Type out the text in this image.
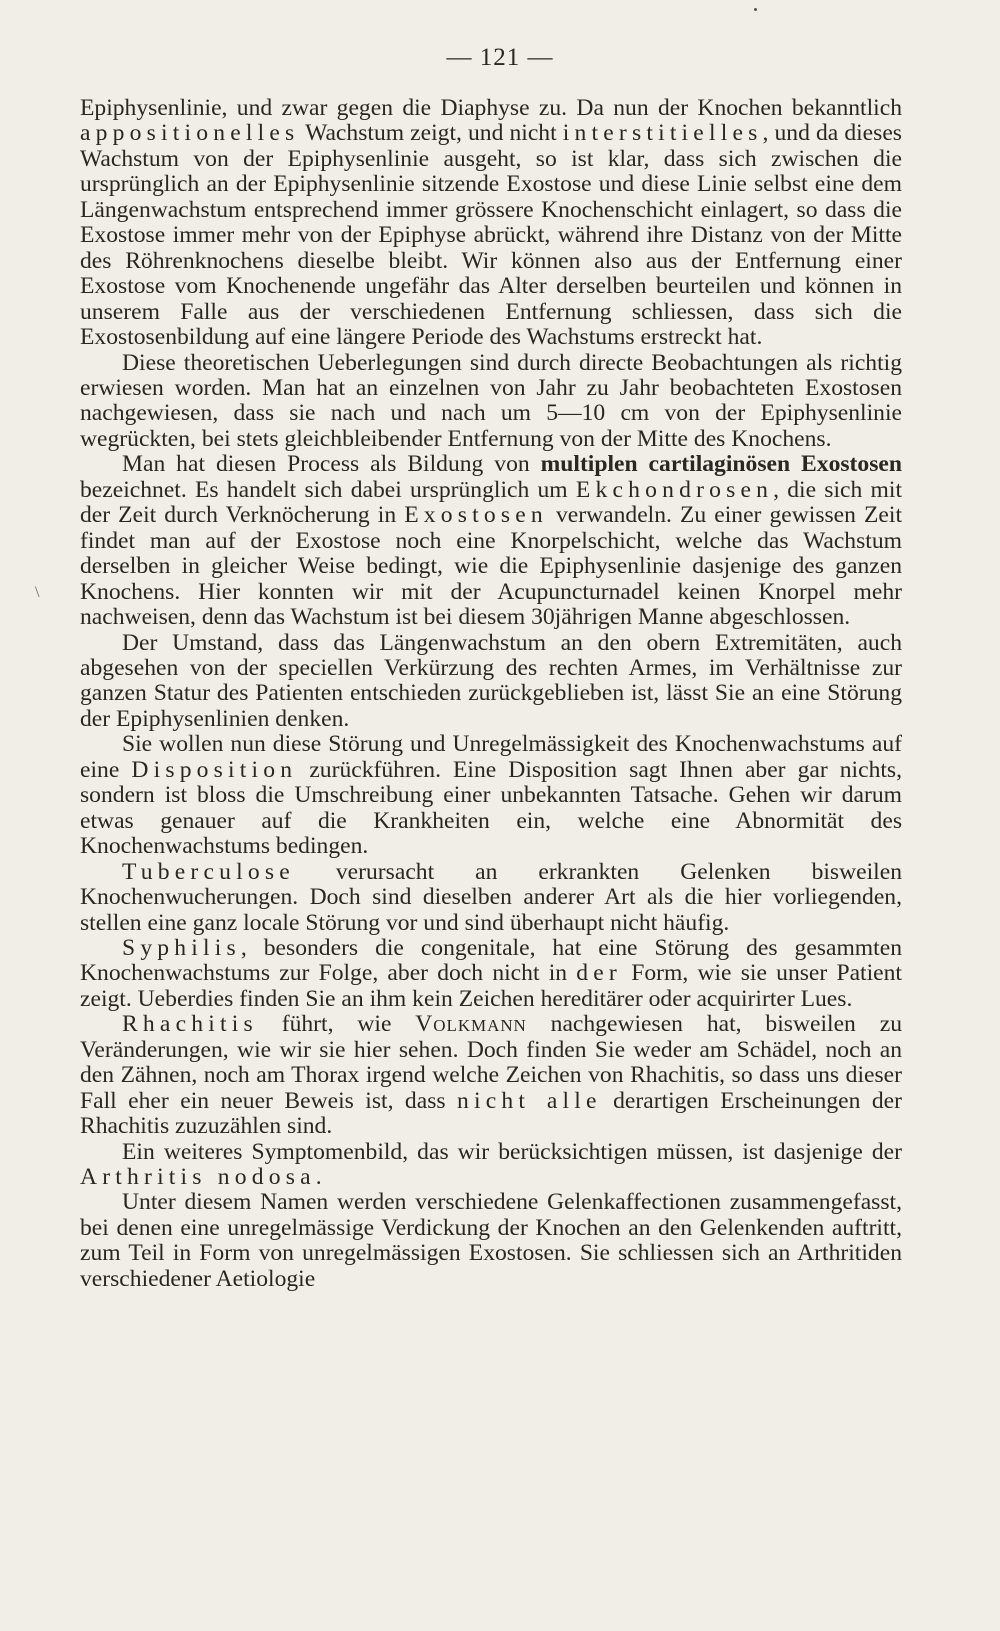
— 121 —
\

Epiphysenlinie, und zwar gegen die Diaphyse zu. Da nun der Knochen bekanntlich appositionelles Wachstum zeigt, und nicht interstitielles, und da dieses Wachstum von der Epiphysenlinie ausgeht, so ist klar, dass sich zwischen die ursprünglich an der Epiphysenlinie sitzende Exostose und diese Linie selbst eine dem Längenwachstum entsprechend immer grössere Knochenschicht einlagert, so dass die Exostose immer mehr von der Epiphyse abrückt, während ihre Distanz von der Mitte des Röhrenknochens dieselbe bleibt. Wir können also aus der Entfernung einer Exostose vom Knochenende ungefähr das Alter derselben beurteilen und können in unserem Falle aus der verschiedenen Entfernung schliessen, dass sich die Exostosenbildung auf eine längere Periode des Wachstums erstreckt hat.

Diese theoretischen Ueberlegungen sind durch directe Beobachtungen als richtig erwiesen worden. Man hat an einzelnen von Jahr zu Jahr beobachteten Exostosen nachgewiesen, dass sie nach und nach um 5—10 cm von der Epiphysenlinie wegrückten, bei stets gleichbleibender Entfernung von der Mitte des Knochens.

Man hat diesen Process als Bildung von multiplen cartilaginösen Exostosen bezeichnet. Es handelt sich dabei ursprünglich um Ekchondrosen, die sich mit der Zeit durch Verknöcherung in Exostosen verwandeln. Zu einer gewissen Zeit findet man auf der Exostose noch eine Knorpelschicht, welche das Wachstum derselben in gleicher Weise bedingt, wie die Epiphysenlinie dasjenige des ganzen Knochens. Hier konnten wir mit der Acupuncturnadel keinen Knorpel mehr nachweisen, denn das Wachstum ist bei diesem 30jährigen Manne abgeschlossen.

Der Umstand, dass das Längenwachstum an den obern Extremitäten, auch abgesehen von der speciellen Verkürzung des rechten Armes, im Verhältnisse zur ganzen Statur des Patienten entschieden zurückgeblieben ist, lässt Sie an eine Störung der Epiphysenlinien denken.

Sie wollen nun diese Störung und Unregelmässigkeit des Knochenwachstums auf eine Disposition zurückführen. Eine Disposition sagt Ihnen aber gar nichts, sondern ist bloss die Umschreibung einer unbekannten Tatsache. Gehen wir darum etwas genauer auf die Krankheiten ein, welche eine Abnormität des Knochenwachstums bedingen.

Tuberculose verursacht an erkrankten Gelenken bisweilen Knochenwucherungen. Doch sind dieselben anderer Art als die hier vorliegenden, stellen eine ganz locale Störung vor und sind überhaupt nicht häufig.

Syphilis, besonders die congenitale, hat eine Störung des gesammten Knochenwachstums zur Folge, aber doch nicht in der Form, wie sie unser Patient zeigt. Ueberdies finden Sie an ihm kein Zeichen hereditärer oder acquirirter Lues.

Rhachitis führt, wie Volkmann nachgewiesen hat, bisweilen zu Veränderungen, wie wir sie hier sehen. Doch finden Sie weder am Schädel, noch an den Zähnen, noch am Thorax irgend welche Zeichen von Rhachitis, so dass uns dieser Fall eher ein neuer Beweis ist, dass nicht alle derartigen Erscheinungen der Rhachitis zuzuzählen sind.

Ein weiteres Symptomenbild, das wir berücksichtigen müssen, ist dasjenige der Arthritis nodosa.

Unter diesem Namen werden verschiedene Gelenkaffectionen zusammengefasst, bei denen eine unregelmässige Verdickung der Knochen an den Gelenkenden auftritt, zum Teil in Form von unregelmässigen Exostosen. Sie schliessen sich an Arthritiden verschiedener Aetiologie
